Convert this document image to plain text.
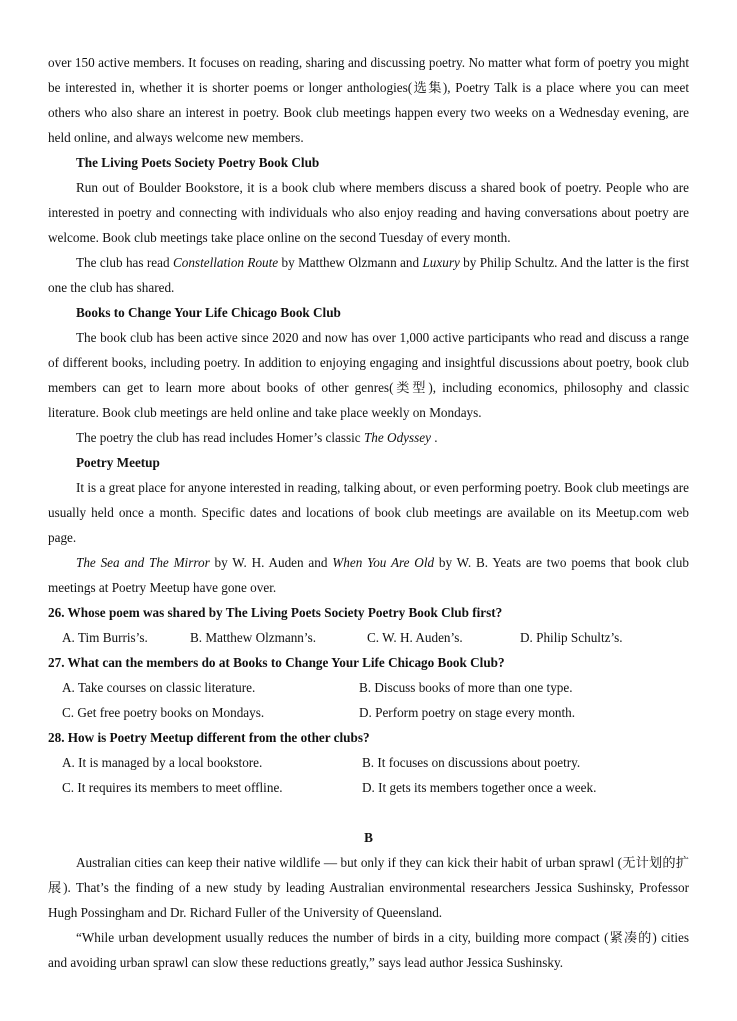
over 150 active members. It focuses on reading, sharing and discussing poetry. No matter what form of poetry you might be interested in, whether it is shorter poems or longer anthologies(选集), Poetry Talk is a place where you can meet others who also share an interest in poetry. Book club meetings happen every two weeks on a Wednesday evening, are held online, and always welcome new members.

The Living Poets Society Poetry Book Club

Run out of Boulder Bookstore, it is a book club where members discuss a shared book of poetry. People who are interested in poetry and connecting with individuals who also enjoy reading and having conversations about poetry are welcome. Book club meetings take place online on the second Tuesday of every month.

The club has read Constellation Route by Matthew Olzmann and Luxury by Philip Schultz. And the latter is the first one the club has shared.

Books to Change Your Life Chicago Book Club

The book club has been active since 2020 and now has over 1,000 active participants who read and discuss a range of different books, including poetry. In addition to enjoying engaging and insightful discussions about poetry, book club members can get to learn more about books of other genres(类型), including economics, philosophy and classic literature. Book club meetings are held online and take place weekly on Mondays.

The poetry the club has read includes Homer’s classic The Odyssey .

Poetry Meetup

It is a great place for anyone interested in reading, talking about, or even performing poetry. Book club meetings are usually held once a month. Specific dates and locations of book club meetings are available on its Meetup.com web page.

The Sea and The Mirror by W. H. Auden and When You Are Old by W. B. Yeats are two poems that book club meetings at Poetry Meetup have gone over.

26. Whose poem was shared by The Living Poets Society Poetry Book Club first?

A. Tim Burris’s.	B. Matthew Olzmann’s.	C. W. H. Auden’s.	D. Philip Schultz’s.

27. What can the members do at Books to Change Your Life Chicago Book Club?

A. Take courses on classic literature.	B. Discuss books of more than one type.
C. Get free poetry books on Mondays.	D. Perform poetry on stage every month.

28. How is Poetry Meetup different from the other clubs?

A. It is managed by a local bookstore.	B. It focuses on discussions about poetry.
C. It requires its members to meet offline.	D. It gets its members together once a week.
B

Australian cities can keep their native wildlife — but only if they can kick their habit of urban sprawl (无计划的扩展). That’s the finding of a new study by leading Australian environmental researchers Jessica Sushinsky, Professor Hugh Possingham and Dr. Richard Fuller of the University of Queensland.

“While urban development usually reduces the number of birds in a city, building more compact (紧凑的) cities and avoiding urban sprawl can slow these reductions greatly,” says lead author Jessica Sushinsky.
